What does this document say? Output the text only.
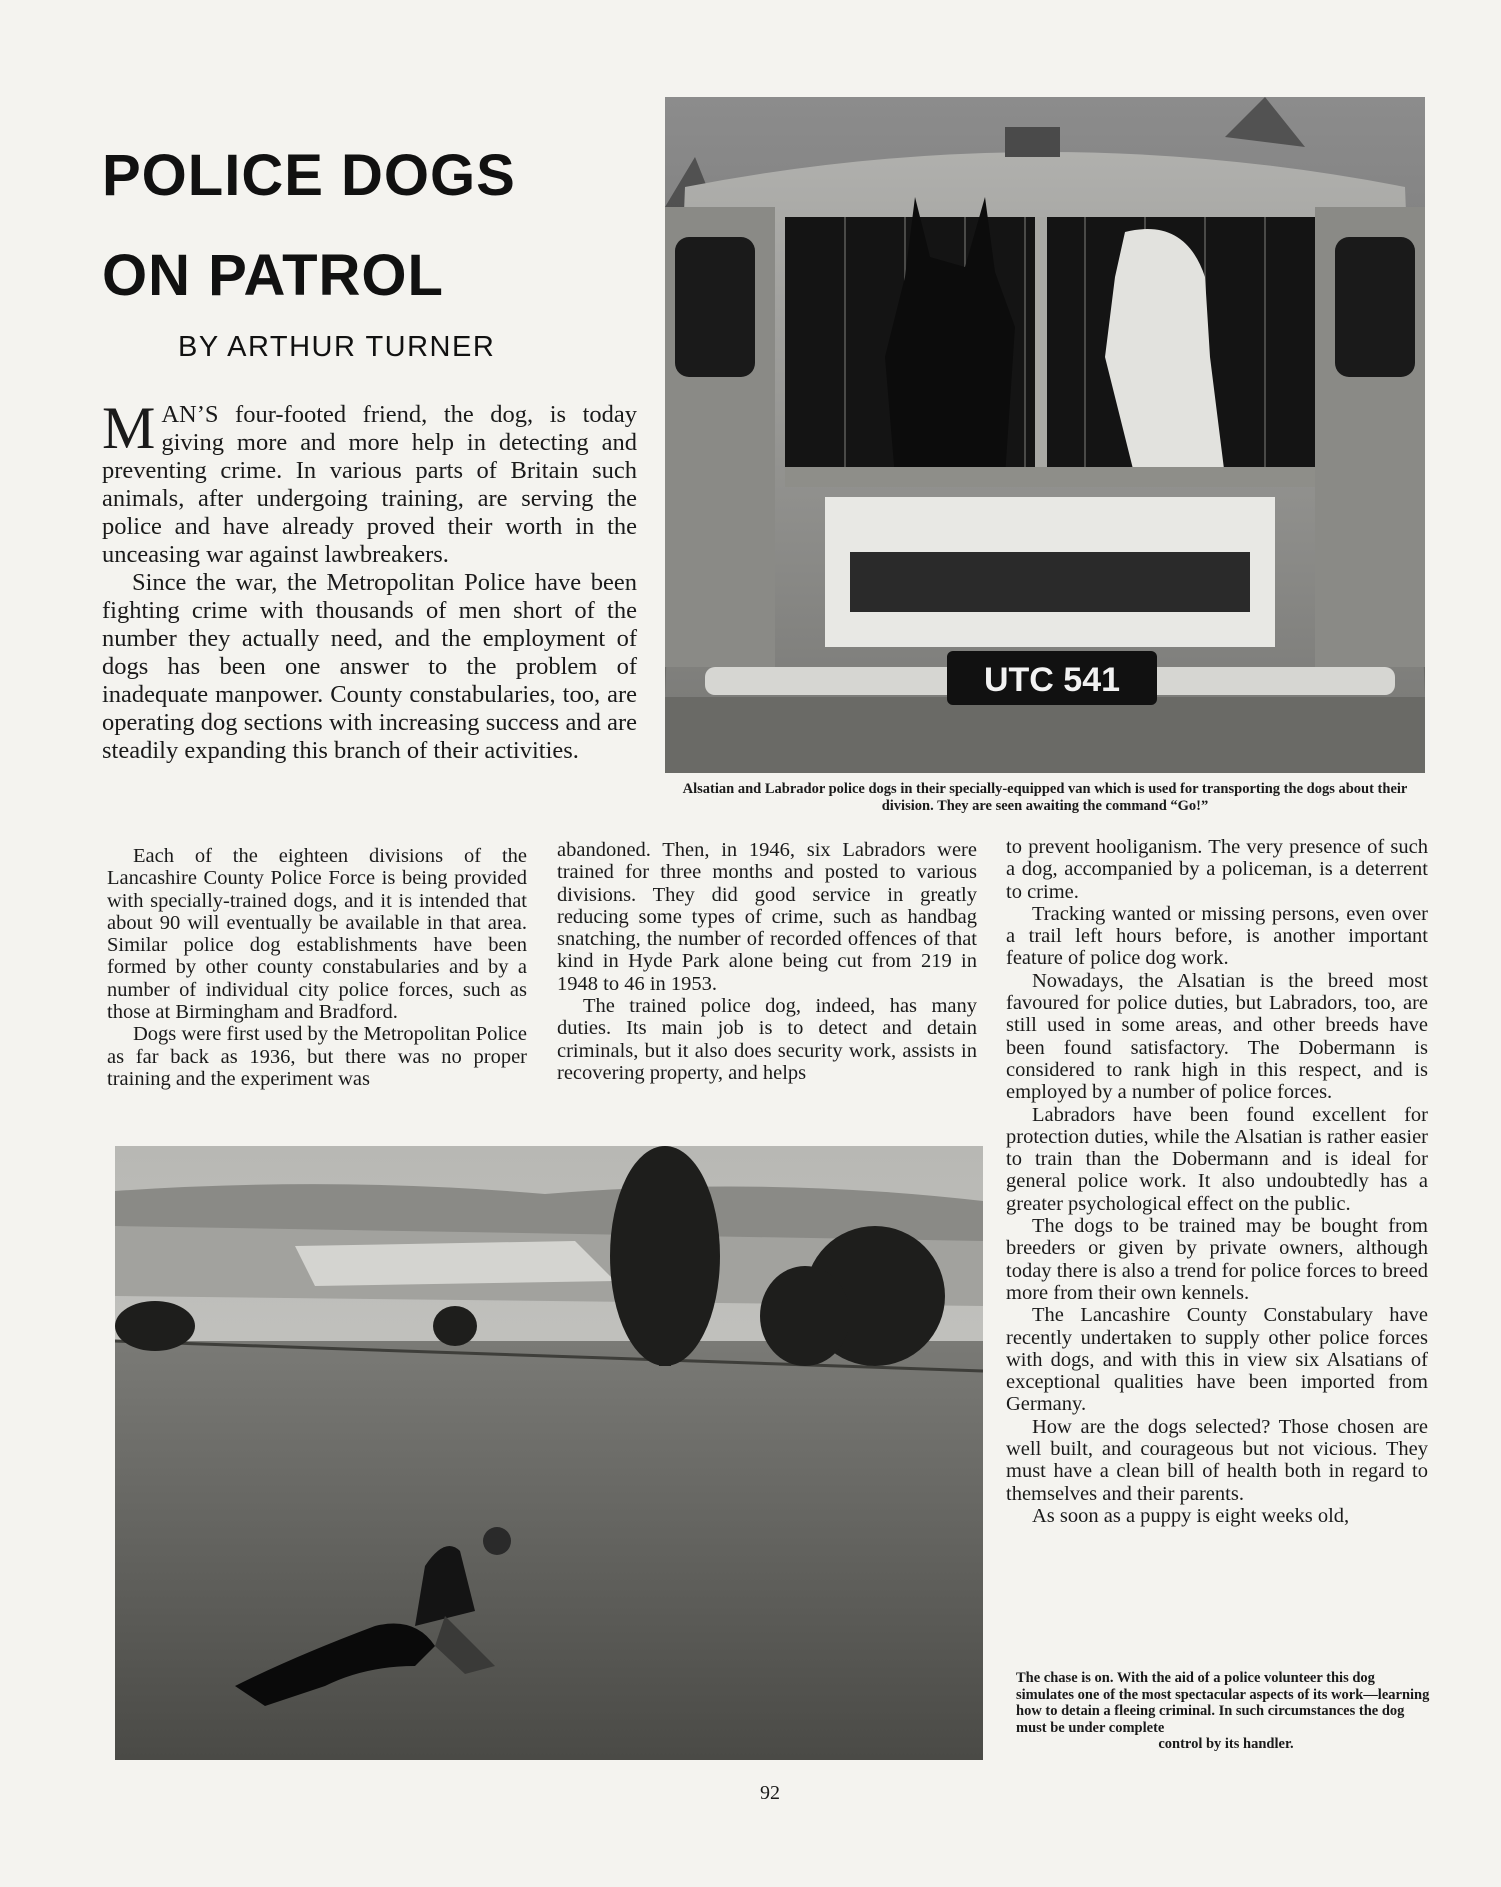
POLICE DOGS
ON PATROL
BY ARTHUR TURNER

MAN’S four-footed friend, the dog, is today giving more and more help in detecting and preventing crime. In various parts of Britain such animals, after undergoing training, are serving the police and have already proved their worth in the unceasing war against lawbreakers.

Since the war, the Metropolitan Police have been fighting crime with thousands of men short of the number they actually need, and the employment of dogs has been one answer to the problem of inadequate manpower. County constabularies, too, are operating dog sections with increasing success and are steadily expanding this branch of their activities.

Each of the eighteen divisions of the Lancashire County Police Force is being provided with specially-trained dogs, and it is intended that about 90 will eventually be available in that area. Similar police dog establishments have been formed by other county constabularies and by a number of individual city police forces, such as those at Birmingham and Bradford.

Dogs were first used by the Metropolitan Police as far back as 1936, but there was no proper training and the experiment was

abandoned. Then, in 1946, six Labradors were trained for three months and posted to various divisions. They did good service in greatly reducing some types of crime, such as handbag snatching, the number of recorded offences of that kind in Hyde Park alone being cut from 219 in 1948 to 46 in 1953.

The trained police dog, indeed, has many duties. Its main job is to detect and detain criminals, but it also does security work, assists in recovering property, and helps

to prevent hooliganism. The very presence of such a dog, accompanied by a policeman, is a deterrent to crime.

Tracking wanted or missing persons, even over a trail left hours before, is another important feature of police dog work.

Nowadays, the Alsatian is the breed most favoured for police duties, but Labradors, too, are still used in some areas, and other breeds have been found satisfactory. The Dobermann is considered to rank high in this respect, and is employed by a number of police forces.

Labradors have been found excellent for protection duties, while the Alsatian is rather easier to train than the Dobermann and is ideal for general police work. It also undoubtedly has a greater psychological effect on the public.

The dogs to be trained may be bought from breeders or given by private owners, although today there is also a trend for police forces to breed more from their own kennels.

The Lancashire County Constabulary have recently undertaken to supply other police forces with dogs, and with this in view six Alsatians of exceptional qualities have been imported from Germany.

How are the dogs selected? Those chosen are well built, and courageous but not vicious. They must have a clean bill of health both in regard to themselves and their parents.

As soon as a puppy is eight weeks old,

UTC 541
Alsatian and Labrador police dogs in their specially-equipped van which is used for transporting the dogs about their division. They are seen awaiting the command “Go!”
The chase is on. With the aid of a police volunteer this dog simulates one of the most spectacular aspects of its work—learning how to detain a fleeing criminal. In such circumstances the dog must be under complete
control by its handler.
92
